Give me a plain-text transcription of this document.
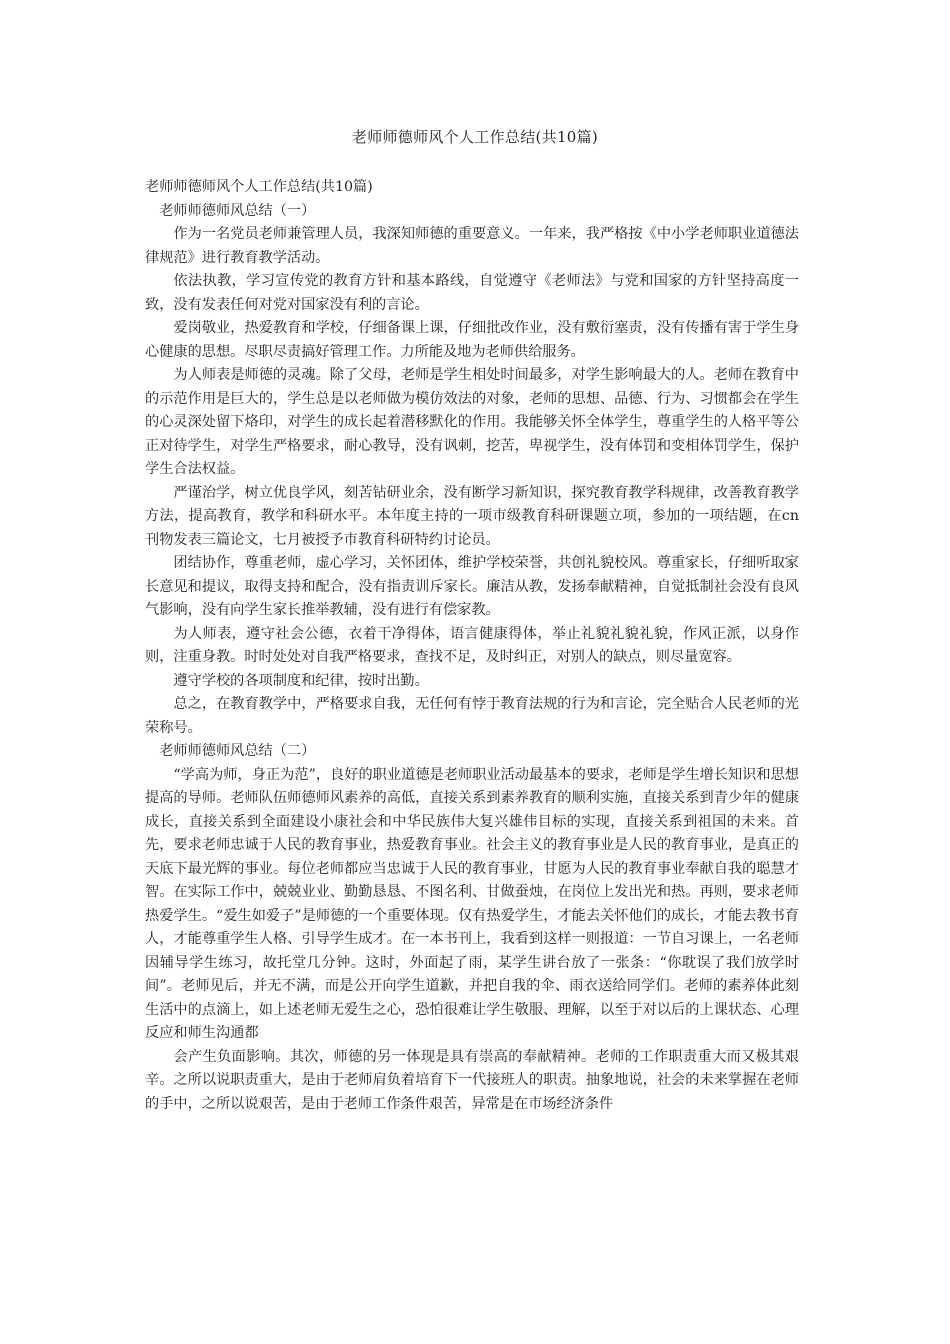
老师师德师风个人工作总结(共10篇)

老师师德师风个人工作总结(共10篇)

老师师德师风总结（一）

作为一名党员老师兼管理人员，我深知师德的重要意义。一年来，我严格按《中小学老师职业道德法律规范》进行教育教学活动。

依法执教，学习宣传党的教育方针和基本路线，自觉遵守《老师法》与党和国家的方针坚持高度一致，没有发表任何对党对国家没有利的言论。

爱岗敬业，热爱教育和学校，仔细备课上课，仔细批改作业，没有敷衍塞责，没有传播有害于学生身心健康的思想。尽职尽责搞好管理工作。力所能及地为老师供给服务。

为人师表是师德的灵魂。除了父母，老师是学生相处时间最多，对学生影响最大的人。老师在教育中的示范作用是巨大的，学生总是以老师做为模仿效法的对象，老师的思想、品德、行为、习惯都会在学生的心灵深处留下烙印，对学生的成长起着潜移默化的作用。我能够关怀全体学生，尊重学生的人格平等公正对待学生，对学生严格要求，耐心教导，没有讽刺，挖苦，卑视学生，没有体罚和变相体罚学生，保护学生合法权益。

严谨治学，树立优良学风，刻苦钻研业余，没有断学习新知识，探究教育教学科规律，改善教育教学方法，提高教育，教学和科研水平。本年度主持的一项市级教育科研课题立项，参加的一项结题，在cn刊物发表三篇论文，七月被授予市教育科研特约讨论员。

团结协作，尊重老师，虚心学习，关怀团体，维护学校荣誉，共创礼貌校风。尊重家长，仔细听取家长意见和提议，取得支持和配合，没有指责训斥家长。廉洁从教，发扬奉献精神，自觉抵制社会没有良风气影响，没有向学生家长推举教辅，没有进行有偿家教。

为人师表，遵守社会公德，衣着干净得体，语言健康得体，举止礼貌礼貌礼貌，作风正派，以身作则，注重身教。时时处处对自我严格要求，查找不足，及时纠正，对别人的缺点，则尽量宽容。

遵守学校的各项制度和纪律，按时出勤。

总之，在教育教学中，严格要求自我，无任何有悖于教育法规的行为和言论，完全贴合人民老师的光荣称号。

老师师德师风总结（二）

“学高为师，身正为范”，良好的职业道德是老师职业活动最基本的要求，老师是学生增长知识和思想提高的导师。老师队伍师德师风素养的高低，直接关系到素养教育的顺利实施，直接关系到青少年的健康成长，直接关系到全面建设小康社会和中华民族伟大复兴雄伟目标的实现，直接关系到祖国的未来。首先，要求老师忠诚于人民的教育事业，热爱教育事业。社会主义的教育事业是人民的教育事业，是真正的天底下最光辉的事业。每位老师都应当忠诚于人民的教育事业，甘愿为人民的教育事业奉献自我的聪慧才智。在实际工作中，兢兢业业、勤勤恳恳、不图名利、甘做蚕烛，在岗位上发出光和热。再则，要求老师热爱学生。“爱生如爱子”是师德的一个重要体现。仅有热爱学生，才能去关怀他们的成长，才能去教书育人，才能尊重学生人格、引导学生成才。在一本书刊上，我看到这样一则报道：一节自习课上，一名老师因辅导学生练习，故托堂几分钟。这时，外面起了雨，某学生讲台放了一张条：“你耽误了我们放学时间”。老师见后，并无不满，而是公开向学生道歉，并把自我的伞、雨衣送给同学们。老师的素养体此刻生活中的点滴上，如上述老师无爱生之心，恐怕很难让学生敬服、理解，以至于对以后的上课状态、心理反应和师生沟通都

会产生负面影响。其次，师德的另一体现是具有崇高的奉献精神。老师的工作职责重大而又极其艰辛。之所以说职责重大，是由于老师肩负着培育下一代接班人的职责。抽象地说，社会的未来掌握在老师的手中，之所以说艰苦，是由于老师工作条件艰苦，异常是在市场经济条件
